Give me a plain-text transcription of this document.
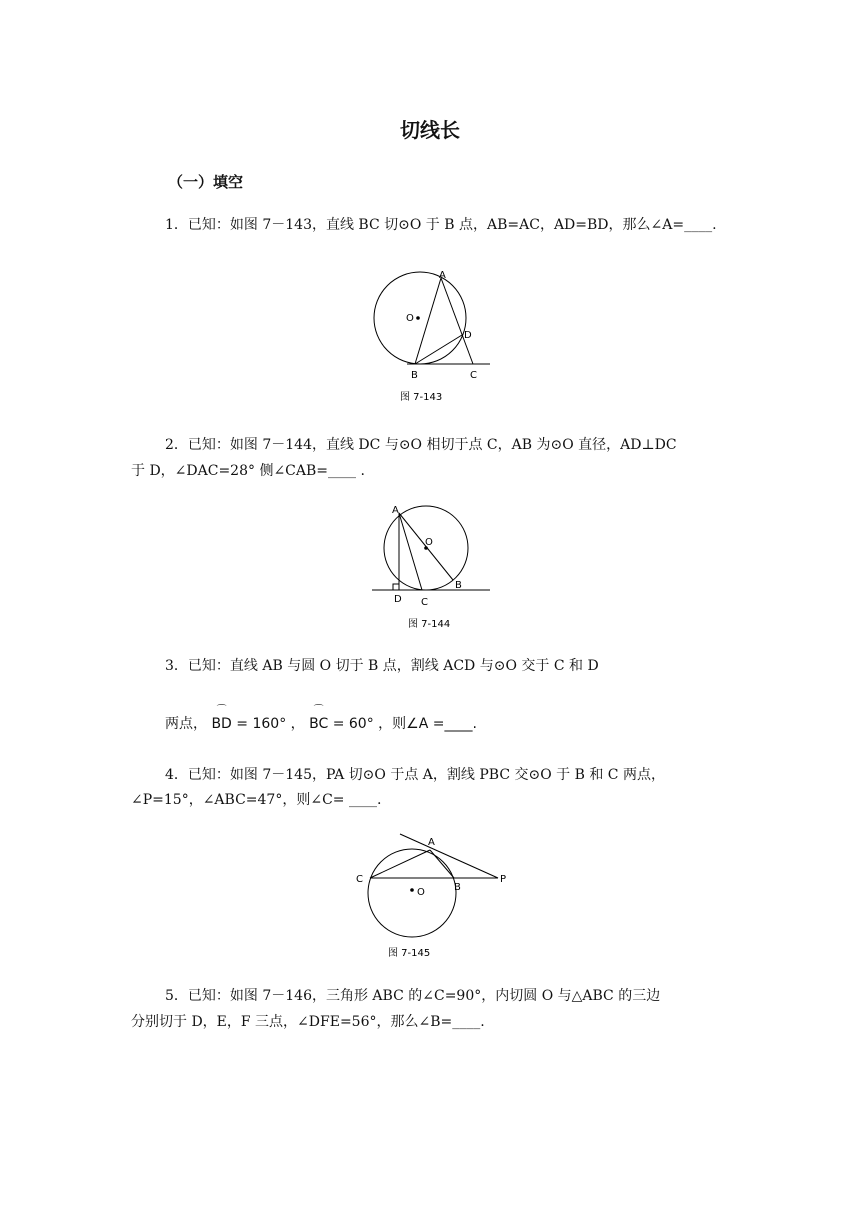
切线长
（一）填空
1．已知：如图 7－143，直线 BC 切⊙O 于 B 点，AB=AC，AD=BD，那么∠A=____.
A
O
D
B	C
图 7-143
2．已知：如图 7－144，直线 DC 与⊙O 相切于点 C，AB 为⊙O 直径，AD⊥DC
于 D，∠DAC=28° 侧∠CAB=____ .
A
O
B
D C
图 7-144
3．已知：直线 AB 与圆 O 切于 B 点，割线 ACD 与⊙O 交于 C 和 D
两点，
⌒
BD = 160° ，
⌒
BC = 60° ，则∠A =____.
4．已知：如图 7－145，PA 切⊙O 于点 A，割线 PBC 交⊙O 于 B 和 C 两点，
∠P=15°，∠ABC=47°，则∠C= ____.
A
C
O	B
P
图 7-145
5．已知：如图 7－146，三角形 ABC 的∠C=90°，内切圆 O 与△ABC 的三边
分别切于 D，E，F 三点，∠DFE=56°，那么∠B=____.
